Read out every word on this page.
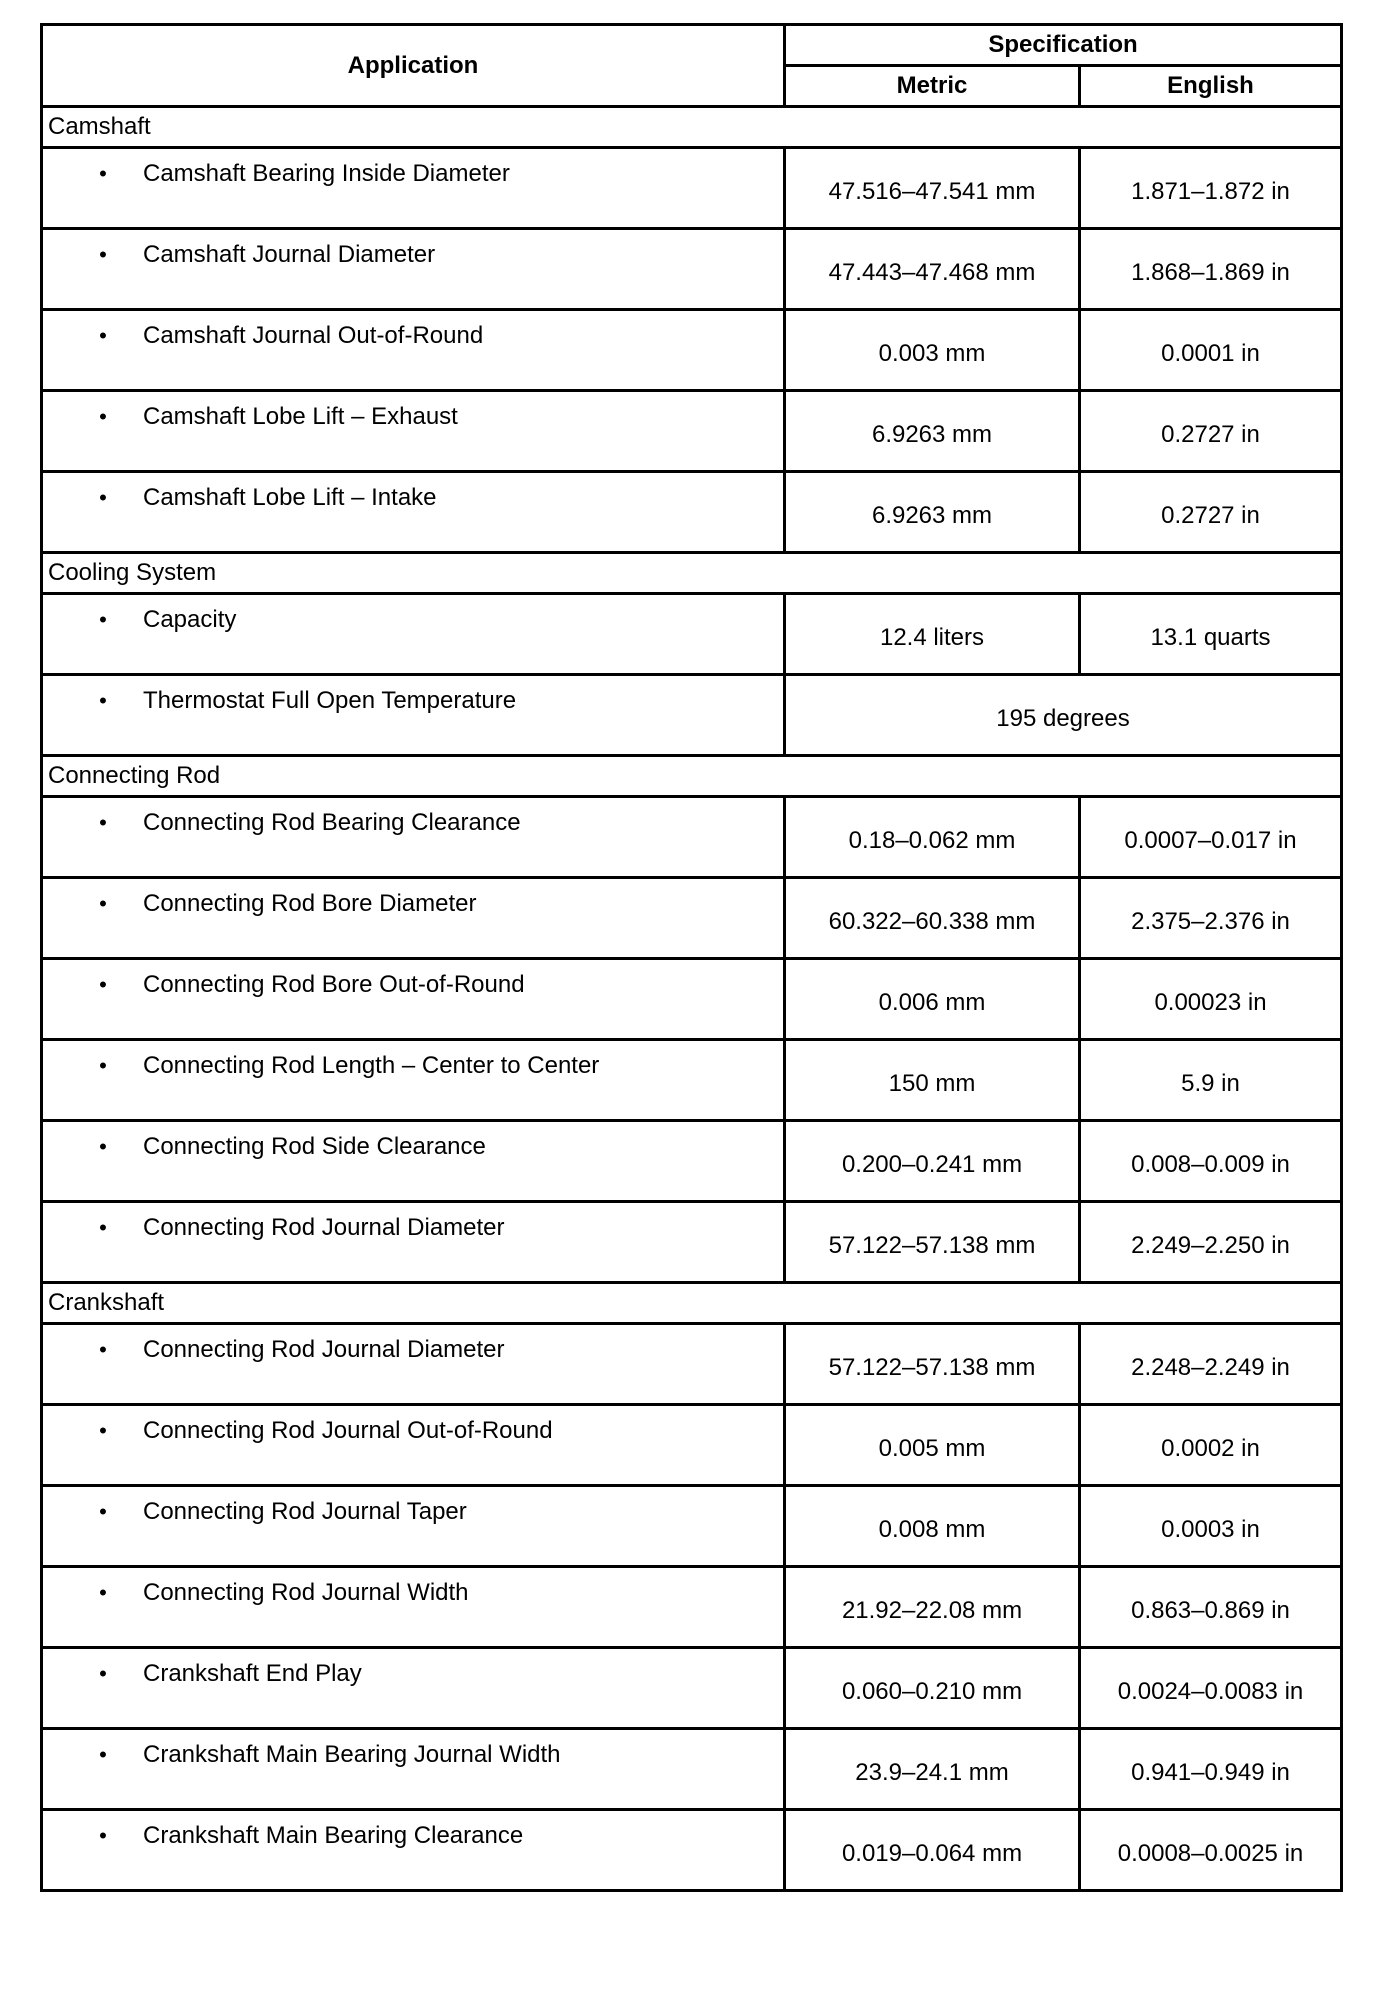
Application	Specification	
	Metric	English
Camshaft		

• Camshaft Bearing Inside Diameter	47.516–47.541 mm	1.871–1.872 in

• Camshaft Journal Diameter	47.443–47.468 mm	1.868–1.869 in

• Camshaft Journal Out-of-Round	0.003 mm	0.0001 in

• Camshaft Lobe Lift – Exhaust	6.9263 mm	0.2727 in

• Camshaft Lobe Lift – Intake	6.9263 mm	0.2727 in
Cooling System		

• Capacity	12.4 liters	13.1 quarts

• Thermostat Full Open Temperature	195 degrees	
Connecting Rod		

• Connecting Rod Bearing Clearance	0.18–0.062 mm	0.0007–0.017 in

• Connecting Rod Bore Diameter	60.322–60.338 mm	2.375–2.376 in

• Connecting Rod Bore Out-of-Round	0.006 mm	0.00023 in

• Connecting Rod Length – Center to Center	150 mm	5.9 in

• Connecting Rod Side Clearance	0.200–0.241 mm	0.008–0.009 in

• Connecting Rod Journal Diameter	57.122–57.138 mm	2.249–2.250 in
Crankshaft		

• Connecting Rod Journal Diameter	57.122–57.138 mm	2.248–2.249 in

• Connecting Rod Journal Out-of-Round	0.005 mm	0.0002 in

• Connecting Rod Journal Taper	0.008 mm	0.0003 in

• Connecting Rod Journal Width	21.92–22.08 mm	0.863–0.869 in

• Crankshaft End Play	0.060–0.210 mm	0.0024–0.0083 in

• Crankshaft Main Bearing Journal Width	23.9–24.1 mm	0.941–0.949 in

• Crankshaft Main Bearing Clearance	0.019–0.064 mm	0.0008–0.0025 in
